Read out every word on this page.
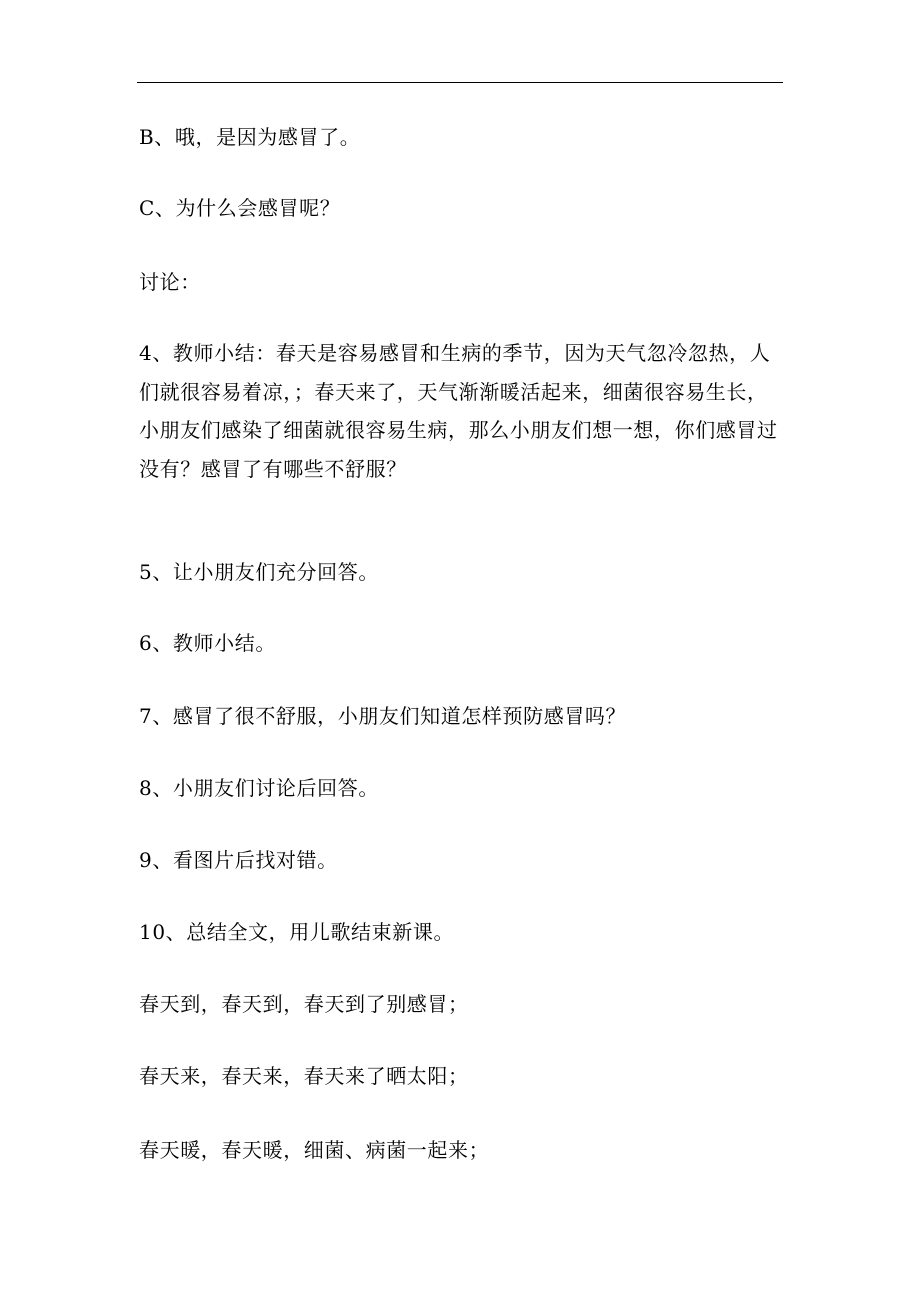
B、哦，是因为感冒了。

C、为什么会感冒呢？

讨论：

4、教师小结：春天是容易感冒和生病的季节，因为天气忽冷忽热，人们就很容易着凉，；春天来了，天气渐渐暖活起来，细菌很容易生长，小朋友们感染了细菌就很容易生病，那么小朋友们想一想，你们感冒过没有？感冒了有哪些不舒服？

5、让小朋友们充分回答。

6、教师小结。

7、感冒了很不舒服，小朋友们知道怎样预防感冒吗？

8、小朋友们讨论后回答。

9、看图片后找对错。

10、总结全文，用儿歌结束新课。

春天到，春天到，春天到了别感冒；

春天来，春天来，春天来了晒太阳；

春天暖，春天暖，细菌、病菌一起来；
